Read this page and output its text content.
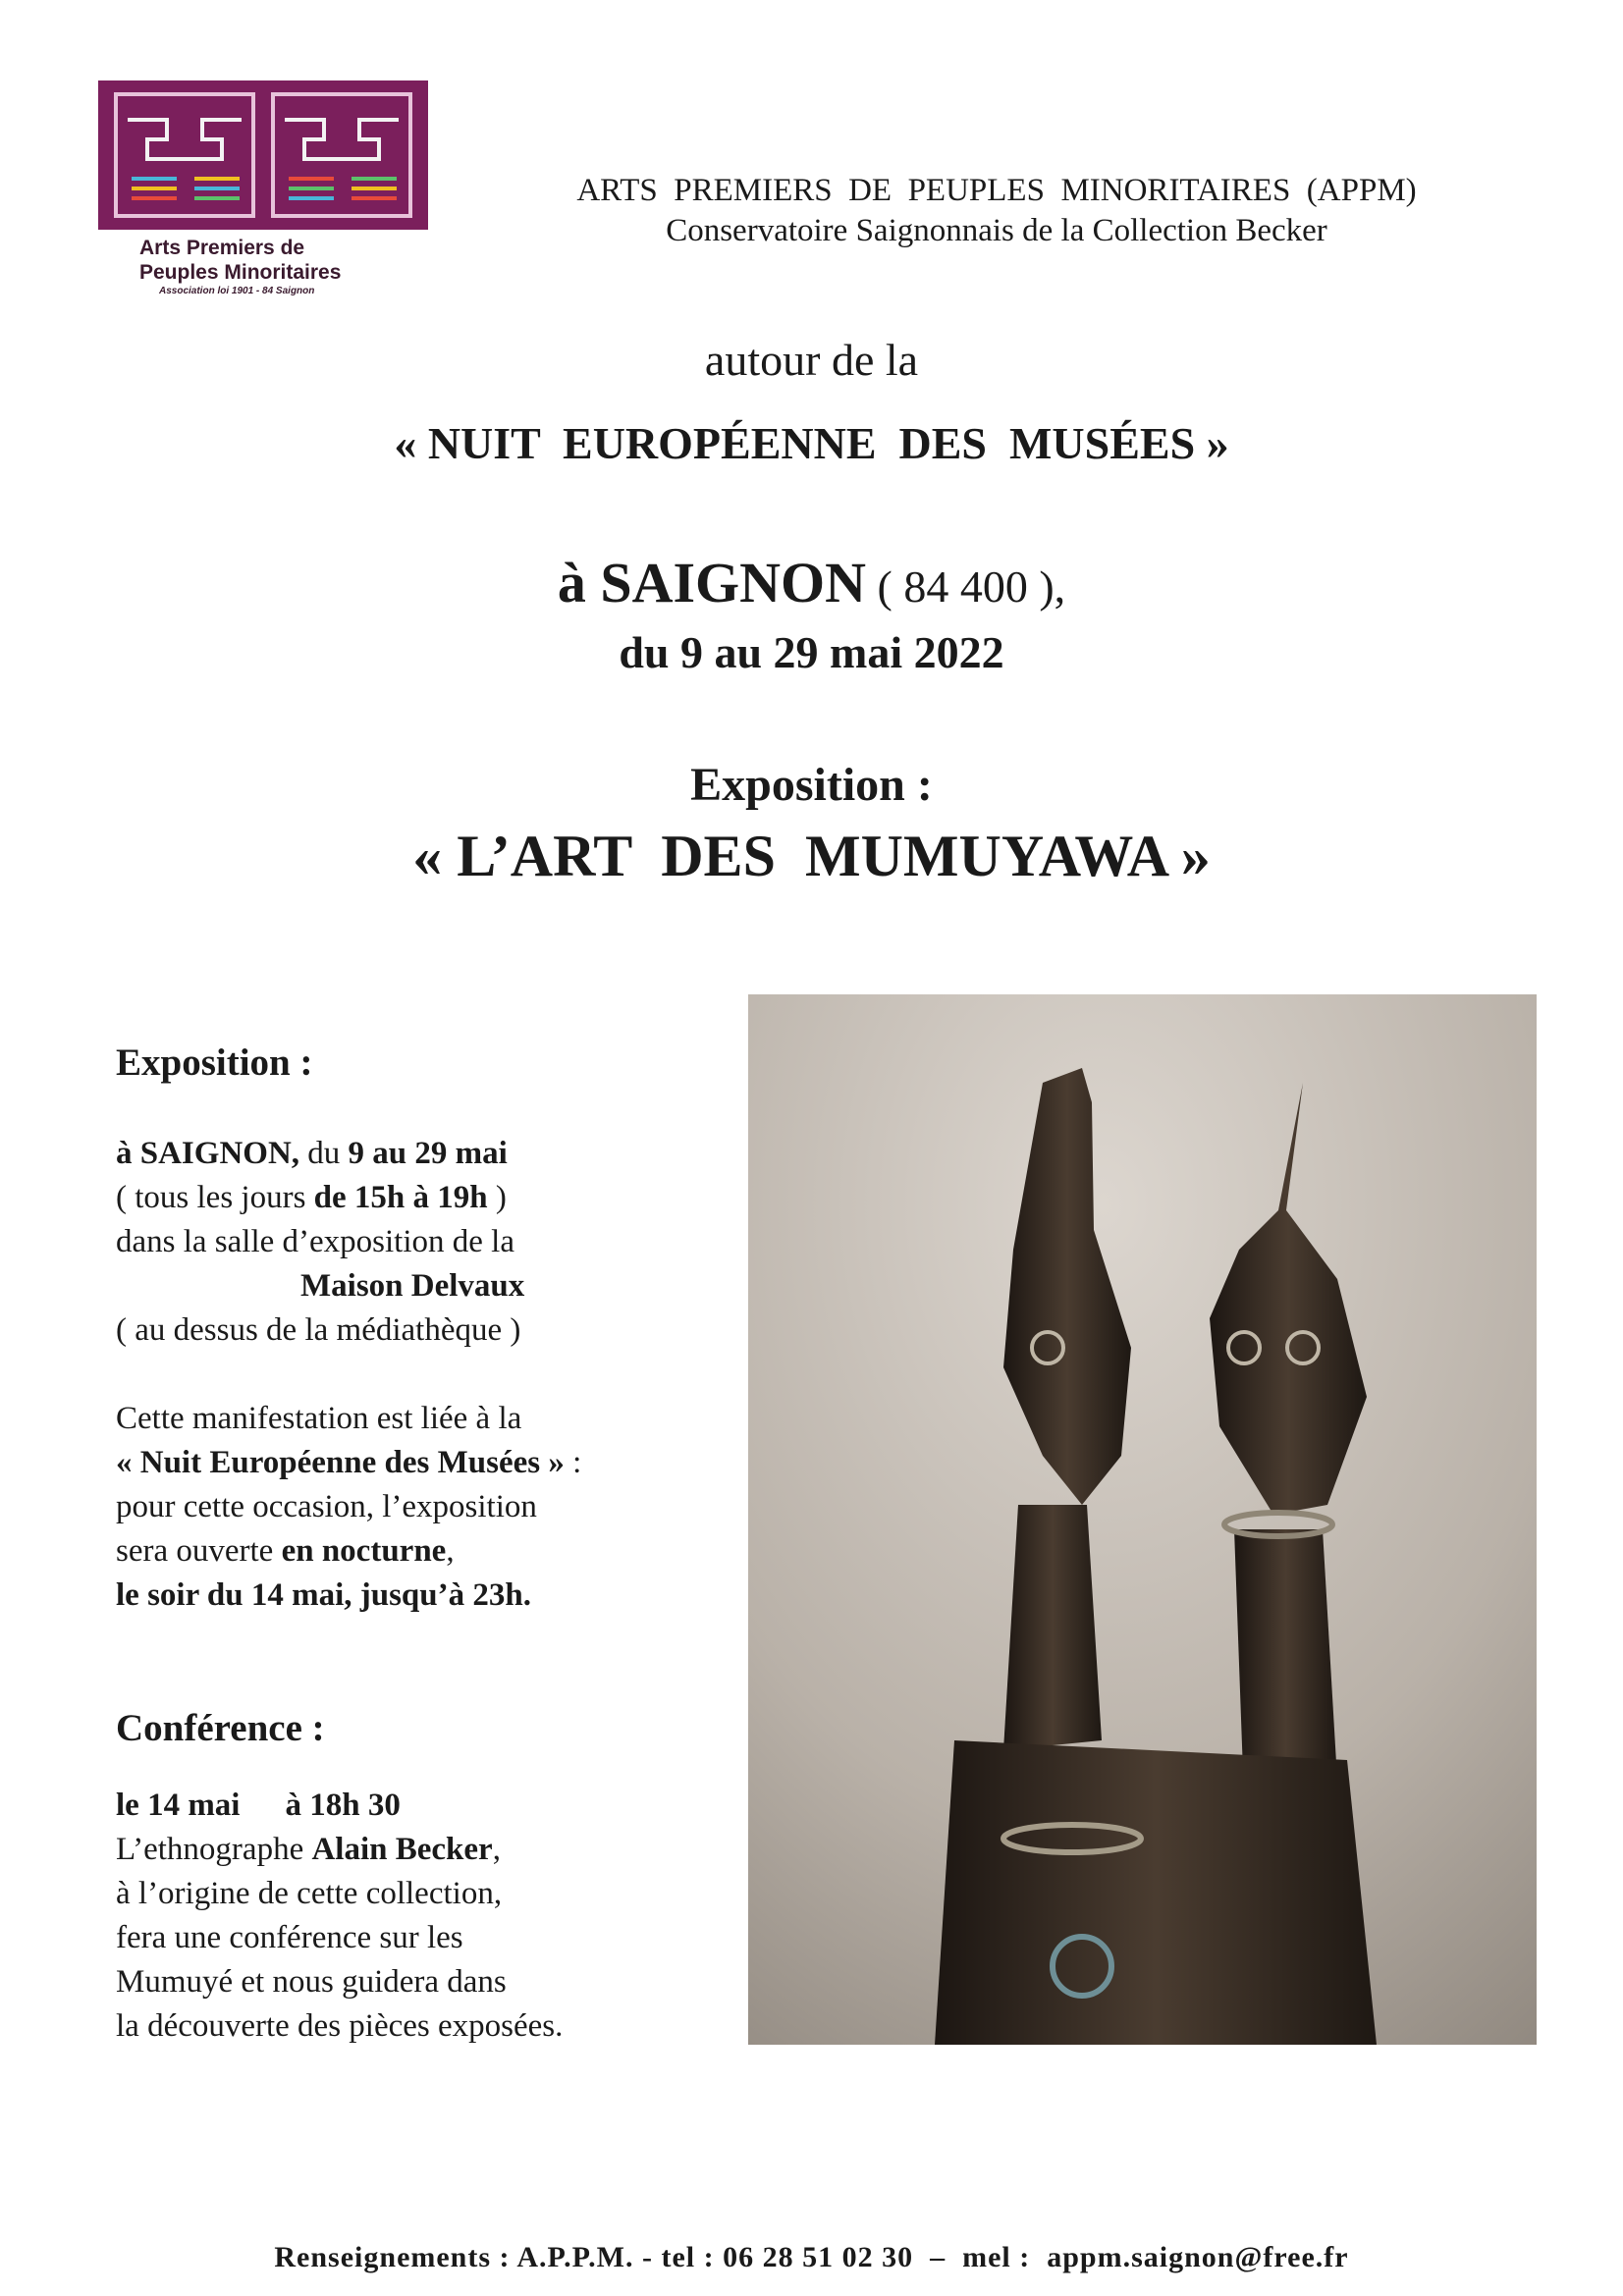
Arts Premiers de
Peuples Minoritaires
Association loi 1901 - 84 Saignon
ARTS  PREMIERS  DE  PEUPLES  MINORITAIRES  (APPM)
Conservatoire Saignonnais de la Collection Becker
autour de la
« NUIT  EUROPÉENNE  DES  MUSÉES »
à SAIGNON ( 84 400 ),
du 9 au 29 mai 2022
Exposition :
« L’ART  DES  MUMUYAWA »
Exposition :

à SAIGNON, du 9 au 29 mai

( tous les jours de 15h à 19h )

dans la salle d’exposition de la

Maison Delvaux

( au dessus de la médiathèque )

Cette manifestation est liée à la

« Nuit Européenne des Musées » :

pour cette occasion, l’exposition

sera ouverte en nocturne,

le soir du 14 mai, jusqu’à 23h.

Conférence :

le 14 mai à 18h 30

L’ethnographe Alain Becker,

à l’origine de cette collection,

fera une conférence sur les

Mumuyé et nous guidera dans

la découverte des pièces exposées.

Renseignements : A.P.P.M. - tel : 06 28 51 02 30  –  mel :  appm.saignon@free.fr
